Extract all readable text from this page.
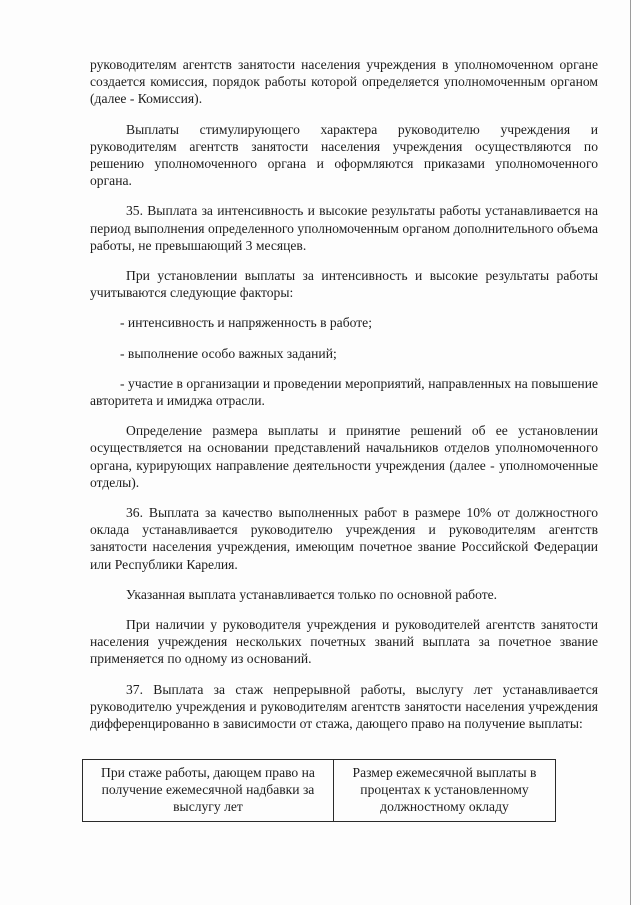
руководителям агентств занятости населения учреждения в уполномоченном органе создается комиссия, порядок работы которой определяется уполномоченным органом (далее - Комиссия).

Выплаты стимулирующего характера руководителю учреждения и руководителям агентств занятости населения учреждения осуществляются по решению уполномоченного органа и оформляются приказами уполномоченного органа.

35. Выплата за интенсивность и высокие результаты работы устанавливается на период выполнения определенного уполномоченным органом дополнительного объема работы, не превышающий 3 месяцев.

При установлении выплаты за интенсивность и высокие результаты работы учитываются следующие факторы:

- интенсивность и напряженность в работе;

- выполнение особо важных заданий;

- участие в организации и проведении мероприятий, направленных на повышение авторитета и имиджа отрасли.

Определение размера выплаты и принятие решений об ее установлении осуществляется на основании представлений начальников отделов уполномоченного органа, курирующих направление деятельности учреждения (далее - уполномоченные отделы).

36. Выплата за качество выполненных работ в размере 10% от должностного оклада устанавливается руководителю учреждения и руководителям агентств занятости населения учреждения, имеющим почетное звание Российской Федерации или Республики Карелия.

Указанная выплата устанавливается только по основной работе.

При наличии у руководителя учреждения и руководителей агентств занятости населения учреждения нескольких почетных званий выплата за почетное звание применяется по одному из оснований.

37. Выплата за стаж непрерывной работы, выслугу лет устанавливается руководителю учреждения и руководителям агентств занятости населения учреждения дифференцированно в зависимости от стажа, дающего право на получение выплаты:

При стаже работы, дающем право на получение ежемесячной надбавки за выслугу лет	Размер ежемесячной выплаты в процентах к установленному должностному окладу
